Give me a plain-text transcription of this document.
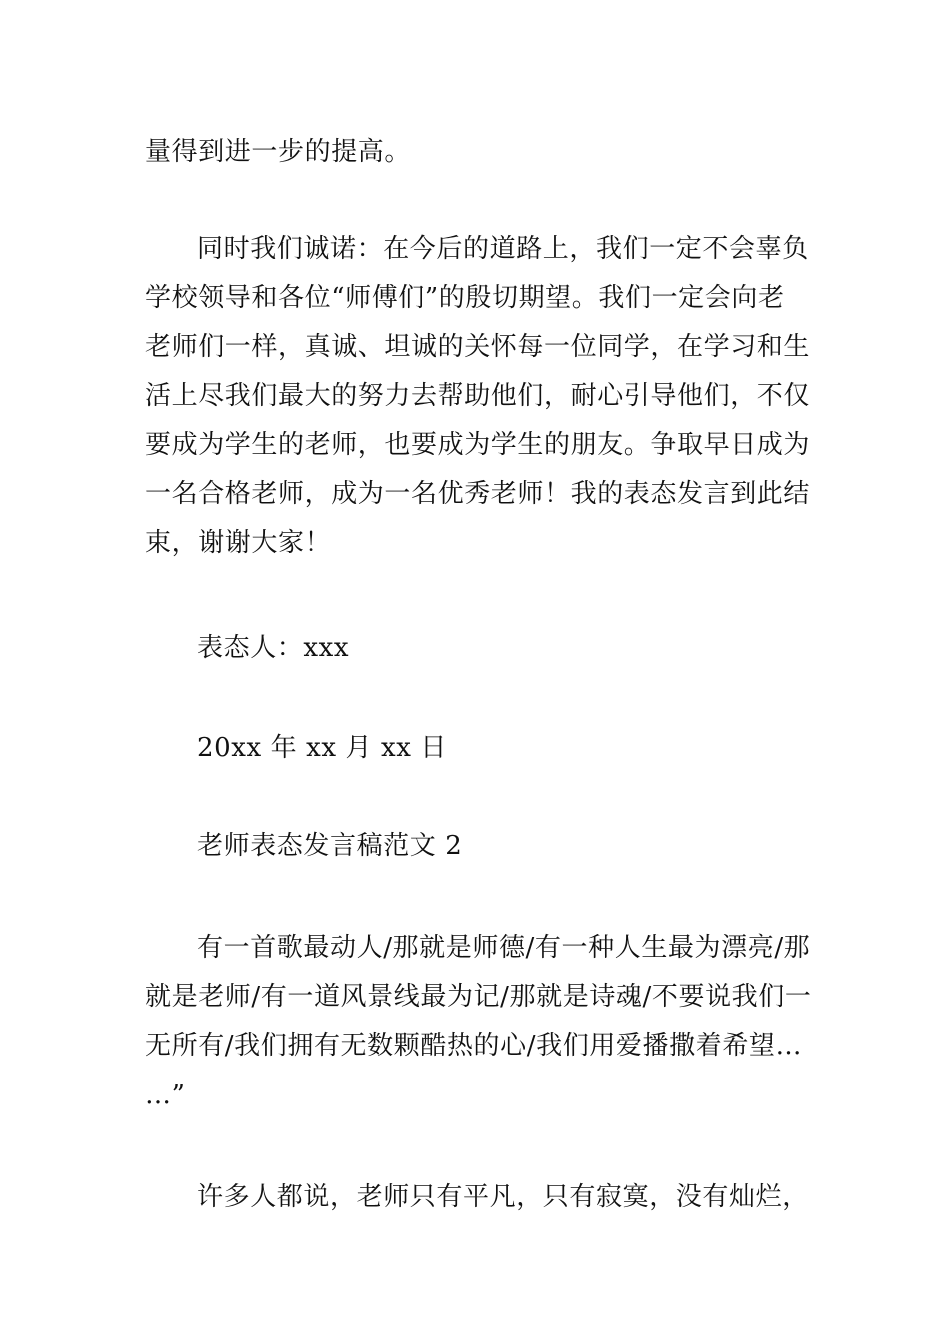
量得到进一步的提高。
同时我们诚诺：在今后的道路上，我们一定不会辜负
学校领导和各位“师傅们”的殷切期望。我们一定会向老
老师们一样，真诚、坦诚的关怀每一位同学，在学习和生
活上尽我们最大的努力去帮助他们，耐心引导他们，不仅
要成为学生的老师，也要成为学生的朋友。争取早日成为
一名合格老师，成为一名优秀老师！我的表态发言到此结
束，谢谢大家！
表态人：xxx
20xx 年 xx 月 xx 日
老师表态发言稿范文 2
有一首歌最动人/那就是师德/有一种人生最为漂亮/那
就是老师/有一道风景线最为记/那就是诗魂/不要说我们一
无所有/我们拥有无数颗酷热的心/我们用爱播撒着希望…
…”
许多人都说，老师只有平凡，只有寂寞，没有灿烂，
